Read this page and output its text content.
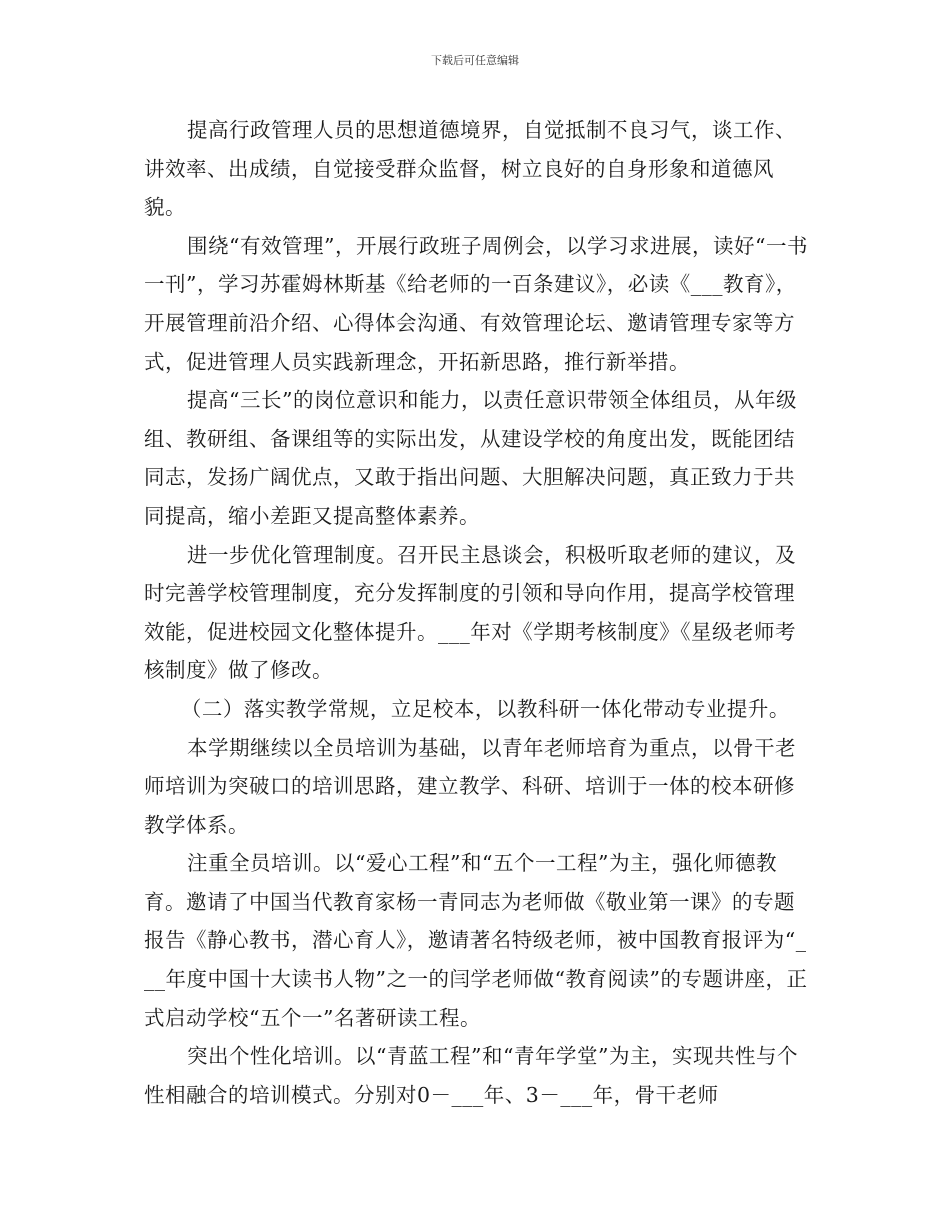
下载后可任意编辑

提高行政管理人员的思想道德境界，自觉抵制不良习气，谈工作、讲效率、出成绩，自觉接受群众监督，树立良好的自身形象和道德风貌。

围绕“有效管理”，开展行政班子周例会，以学习求进展，读好“一书一刊”，学习苏霍姆林斯基《给老师的一百条建议》，必读《___教育》，开展管理前沿介绍、心得体会沟通、有效管理论坛、邀请管理专家等方式，促进管理人员实践新理念，开拓新思路，推行新举措。

提高“三长”的岗位意识和能力，以责任意识带领全体组员，从年级组、教研组、备课组等的实际出发，从建设学校的角度出发，既能团结同志，发扬广阔优点，又敢于指出问题、大胆解决问题，真正致力于共同提高，缩小差距又提高整体素养。

进一步优化管理制度。召开民主恳谈会，积极听取老师的建议，及时完善学校管理制度，充分发挥制度的引领和导向作用，提高学校管理效能，促进校园文化整体提升。___年对《学期考核制度》《星级老师考核制度》做了修改。

（二）落实教学常规，立足校本，以教科研一体化带动专业提升。

本学期继续以全员培训为基础，以青年老师培育为重点，以骨干老师培训为突破口的培训思路，建立教学、科研、培训于一体的校本研修教学体系。

注重全员培训。以“爱心工程”和“五个一工程”为主，强化师德教育。邀请了中国当代教育家杨一青同志为老师做《敬业第一课》的专题报告《静心教书，潜心育人》，邀请著名特级老师，被中国教育报评为“___年度中国十大读书人物”之一的闫学老师做“教育阅读”的专题讲座，正式启动学校“五个一”名著研读工程。

突出个性化培训。以“青蓝工程”和“青年学堂”为主，实现共性与个性相融合的培训模式。分别对0－___年、3－___年，骨干老师
